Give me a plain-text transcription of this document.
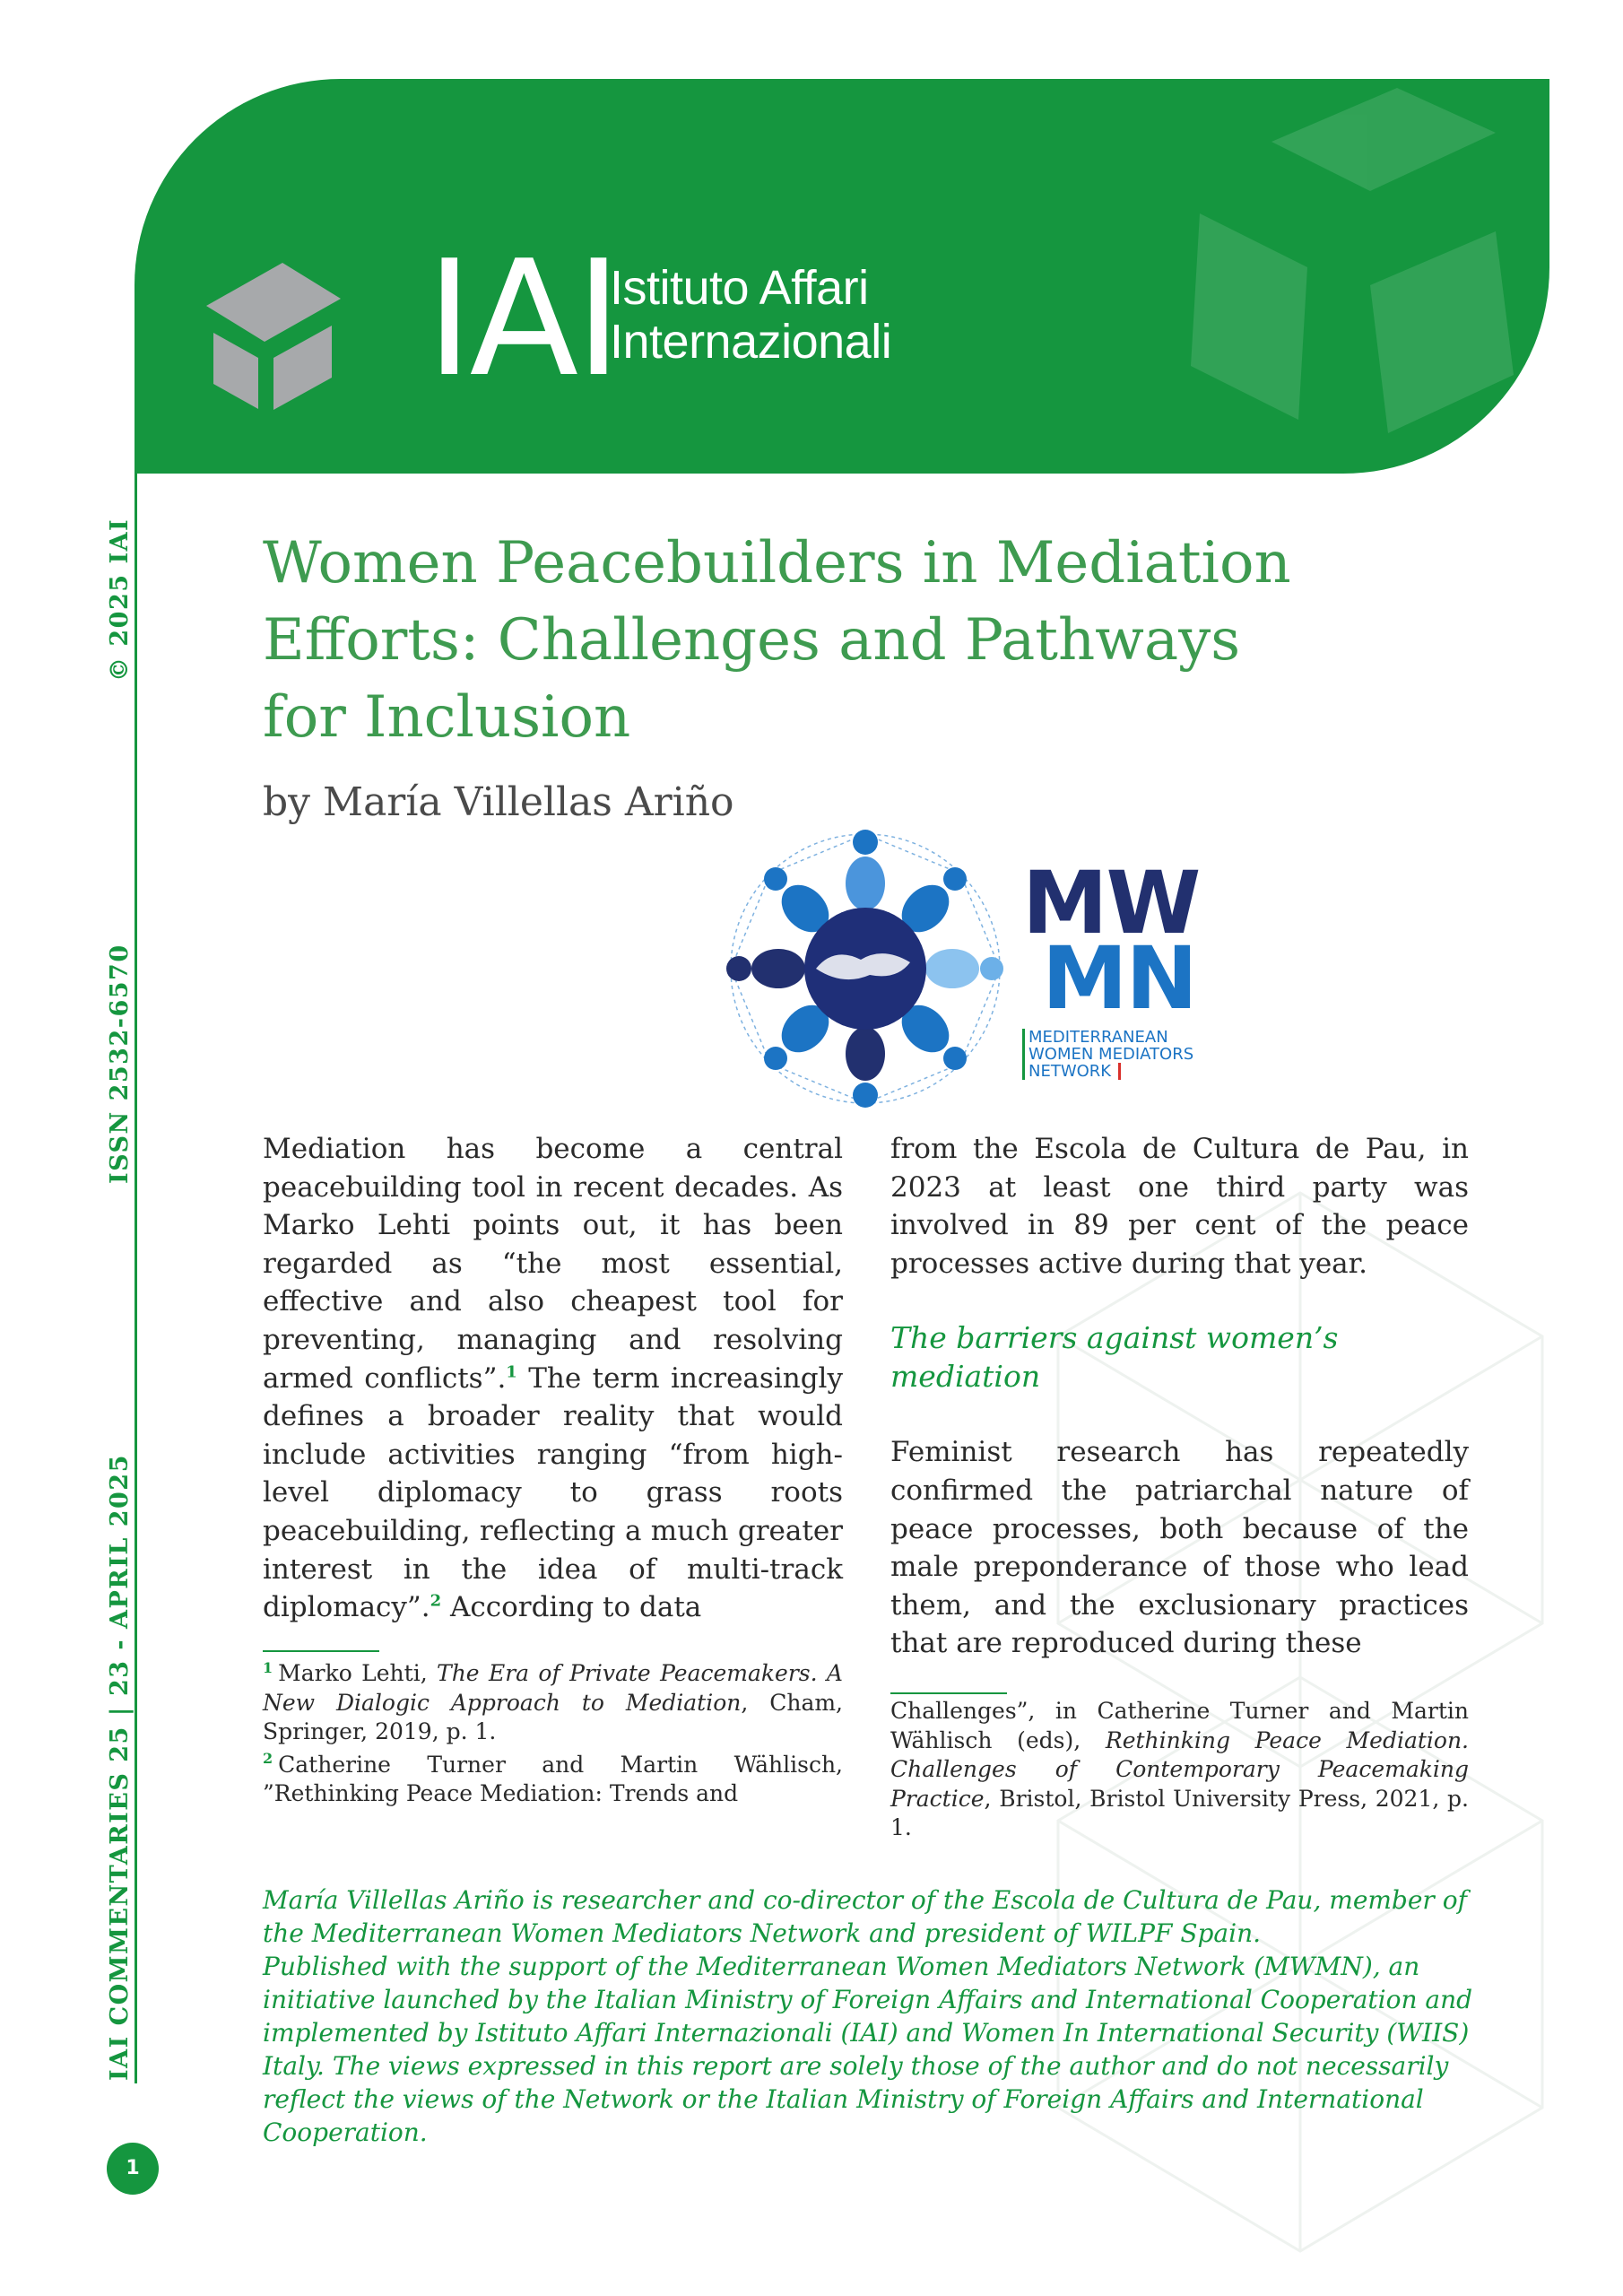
IAI
Istituto Affari
Internazionali
IAI COMMENTARIES 25 | 23 - APRIL 2025
ISSN 2532-6570
© 2025 IAI
1
Women Peacebuilders in Mediation
Efforts: Challenges and Pathways
for Inclusion
by María Villellas Ariño
MW
MN
MEDITERRANEAN
WOMEN MEDIATORS
NETWORK

Mediation has become a central peacebuilding tool in recent decades. As Marko Lehti points out, it has been regarded as “the most essential, effective and also cheapest tool for preventing, managing and resolving armed conflicts”.$^1$ The term increasingly defines a broader reality that would include activities ranging “from high-level diplomacy to grass roots peacebuilding, reflecting a much greater interest in the idea of multi-track diplomacy”.$^2$ According to data

$^1$ Marko Lehti, The Era of Private Peacemakers. A New Dialogic Approach to Mediation, Cham, Springer, 2019, p. 1.

$^2$ Catherine Turner and Martin Wählisch, ”Rethinking Peace Mediation: Trends and

from the Escola de Cultura de Pau, in 2023 at least one third party was involved in 89 per cent of the peace processes active during that year.

The barriers against women’s mediation

Feminist research has repeatedly confirmed the patriarchal nature of peace processes, both because of the male preponderance of those who lead them, and the exclusionary practices that are reproduced during these

Challenges”, in Catherine Turner and Martin Wählisch (eds), Rethinking Peace Mediation. Challenges of Contemporary Peacemaking Practice, Bristol, Bristol University Press, 2021, p. 1.

María Villellas Ariño is researcher and co-director of the Escola de Cultura de Pau, member of the Mediterranean Women Mediators Network and president of WILPF Spain.

Published with the support of the Mediterranean Women Mediators Network (MWMN), an initiative launched by the Italian Ministry of Foreign Affairs and International Cooperation and implemented by Istituto Affari Internazionali (IAI) and Women In International Security (WIIS) Italy. The views expressed in this report are solely those of the author and do not necessarily reflect the views of the Network or the Italian Ministry of Foreign Affairs and International Cooperation.
